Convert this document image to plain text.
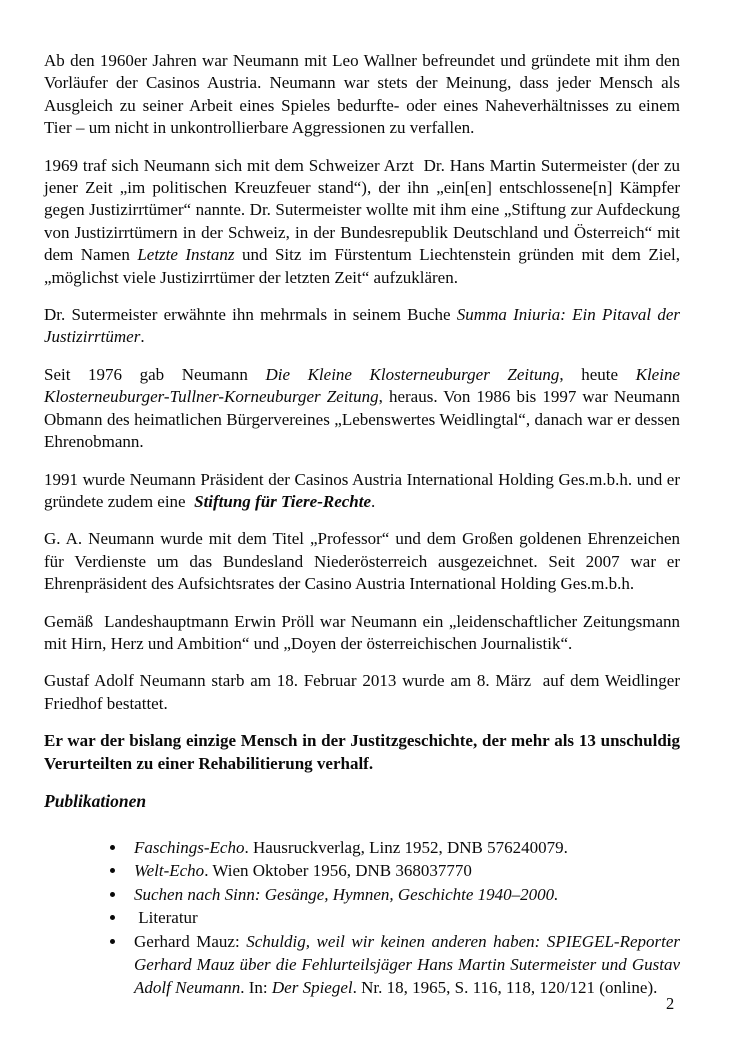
Ab den 1960er Jahren war Neumann mit Leo Wallner befreundet und gründete mit ihm den Vorläufer der Casinos Austria. Neumann war stets der Meinung, dass jeder Mensch als Ausgleich zu seiner Arbeit eines Spieles bedurfte- oder eines Naheverhältnisses zu einem Tier – um nicht in unkontrollierbare Aggressionen zu verfallen.

1969 traf sich Neumann sich mit dem Schweizer Arzt  Dr. Hans Martin Sutermeister (der zu jener Zeit „im politischen Kreuzfeuer stand“), der ihn „ein[en] entschlossene[n] Kämpfer gegen Justizirrtümer“ nannte. Dr. Sutermeister wollte mit ihm eine „Stiftung zur Aufdeckung von Justizirrtümern in der Schweiz, in der Bundesrepublik Deutschland und Österreich“ mit dem Namen Letzte Instanz und Sitz im Fürstentum Liechtenstein gründen mit dem Ziel, „möglichst viele Justizirrtümer der letzten Zeit“ aufzuklären.

Dr. Sutermeister erwähnte ihn mehrmals in seinem Buche Summa Iniuria: Ein Pitaval der Justizirrtümer.

Seit 1976 gab Neumann Die Kleine Klosterneuburger Zeitung, heute Kleine Klosterneuburger-Tullner-Korneuburger Zeitung, heraus. Von 1986 bis 1997 war Neumann Obmann des heimatlichen Bürgervereines „Lebenswertes Weidlingtal“, danach war er dessen Ehrenobmann.

1991 wurde Neumann Präsident der Casinos Austria International Holding Ges.m.b.h. und er gründete zudem eine  Stiftung für Tiere-Rechte.

G. A. Neumann wurde mit dem Titel „Professor“ und dem Großen goldenen Ehrenzeichen für Verdienste um das Bundesland Niederösterreich ausgezeichnet. Seit 2007 war er Ehrenpräsident des Aufsichtsrates der Casino Austria International Holding Ges.m.b.h.

Gemäß  Landeshauptmann Erwin Pröll war Neumann ein „leidenschaftlicher Zeitungsmann mit Hirn, Herz und Ambition“ und „Doyen der österreichischen Journalistik“.

Gustaf Adolf Neumann starb am 18. Februar 2013 wurde am 8. März  auf dem Weidlinger Friedhof bestattet.

Er war der bislang einzige Mensch in der Justitzgeschichte, der mehr als 13 unschuldig Verurteilten zu einer Rehabilitierung verhalf.

Publikationen
• Faschings-Echo. Hausruckverlag, Linz 1952, DNB 576240079.
• Welt-Echo. Wien Oktober 1956, DNB 368037770
• Suchen nach Sinn: Gesänge, Hymnen, Geschichte 1940–2000.
•  Literatur
• Gerhard Mauz: Schuldig, weil wir keinen anderen haben: SPIEGEL-Reporter Gerhard Mauz über die Fehlurteilsjäger Hans Martin Sutermeister und Gustav Adolf Neumann. In: Der Spiegel. Nr. 18, 1965, S. 116, 118, 120/121 (online).
2
